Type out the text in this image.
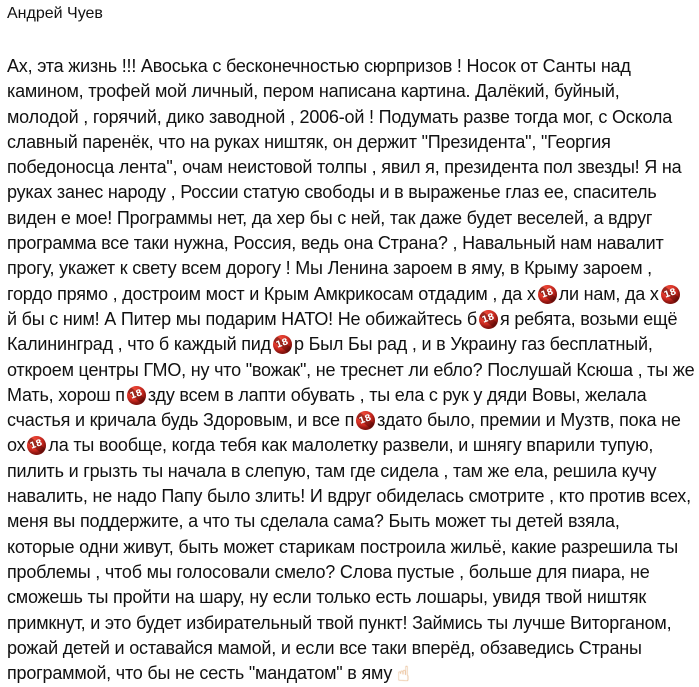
Андрей Чуев
Ах, эта жизнь !!! Авоська с бесконечностью сюрпризов ! Носок от Санты над
камином, трофей мой личный, пером написана картина. Далёкий, буйный,
молодой , горячий, дико заводной , 2006-ой ! Подумать разве тогда мог, с Оскола
славный паренёк, что на руках ништяк, он держит "Президента", "Георгия
победоносца лента", очам неистовой толпы , явил я, президента пол звезды! Я на
руках занес народу , России статую свободы и в выраженье глаз ее, спаситель
виден е мое! Программы нет, да хер бы с ней, так даже будет веселей, а вдруг
программа все таки нужна, Россия, ведь она Страна? , Навальный нам навалит
прогу, укажет к свету всем дорогу ! Мы Ленина зароем в яму, в Крыму зароем ,
гордо прямо , достроим мост и Крым Амкрикосам отдадим , да х 18 ли нам, да х 18
й бы с ним! А Питер мы подарим НАТО! Не обижайтесь б 18 я ребята, возьми ещё
Калининград , что б каждый пид 18 р Был Бы рад , и в Украину газ бесплатный,
откроем центры ГМО, ну что "вожак", не треснет ли ебло? Послушай Ксюша , ты же
Мать, хорош п 18 зду всем в лапти обувать , ты ела с рук у дяди Вовы, желала
счастья и кричала будь Здоровым, и все п 18 здато было, премии и Музтв, пока не
ох 18 ла ты вообще, когда тебя как малолетку развели, и шнягу впарили тупую,
пилить и грызть ты начала в слепую, там где сидела , там же ела, решила кучу
навалить, не надо Папу было злить! И вдруг обиделась смотрите , кто против всех,
меня вы поддержите, а что ты сделала сама? Быть может ты детей взяла,
которые одни живут, быть может старикам построила жильё, какие разрешила ты
проблемы , чтоб мы голосовали смело? Слова пустые , больше для пиара, не
сможешь ты пройти на шару, ну если только есть лошары, увидя твой ништяк
примкнут, и это будет избирательный твой пункт! Займись ты лучше Виторганом,
рожай детей и оставайся мамой, и если все таки вперёд, обзаведись Страны
программой, что бы не сесть "мандатом" в яму ☝
